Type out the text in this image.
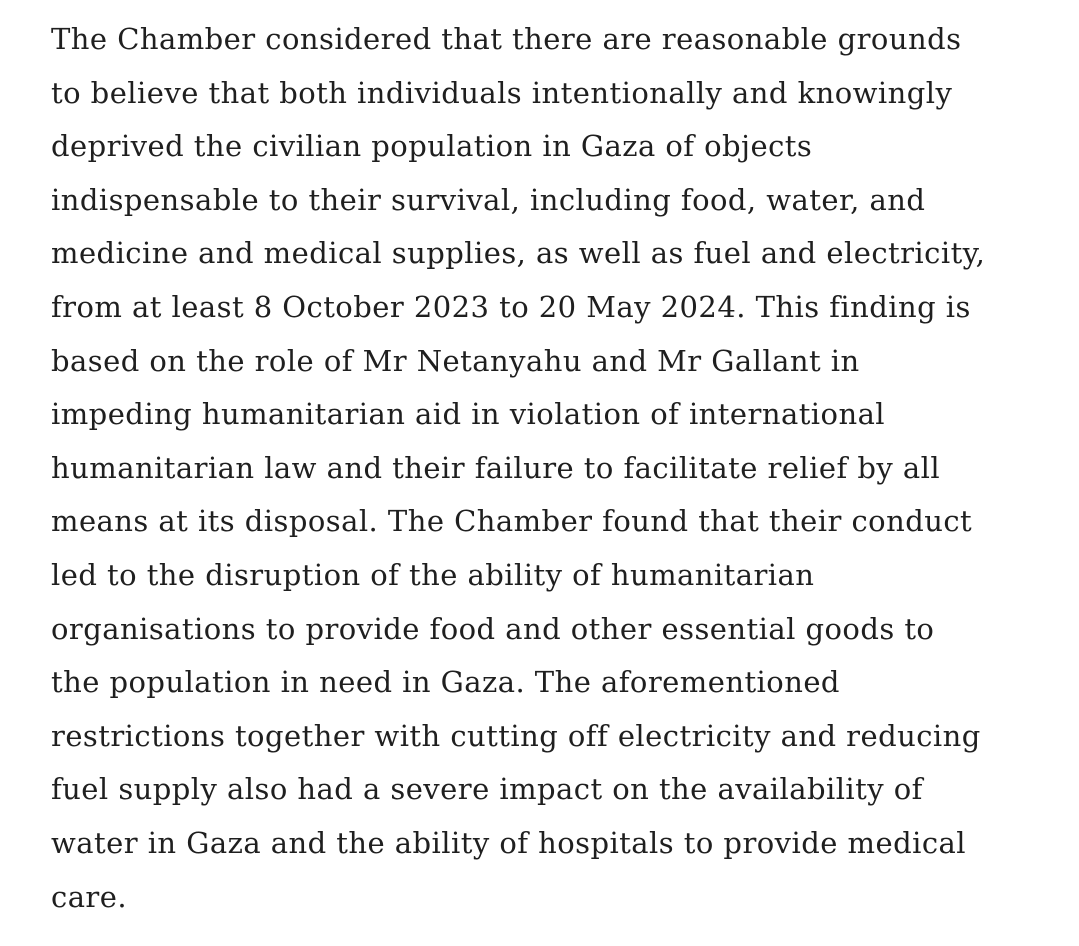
The Chamber considered that there are reasonable grounds
to believe that both individuals intentionally and knowingly
deprived the civilian population in Gaza of objects
indispensable to their survival, including food, water, and
medicine and medical supplies, as well as fuel and electricity,
from at least 8 October 2023 to 20 May 2024. This finding is
based on the role of Mr Netanyahu and Mr Gallant in
impeding humanitarian aid in violation of international
humanitarian law and their failure to facilitate relief by all
means at its disposal. The Chamber found that their conduct
led to the disruption of the ability of humanitarian
organisations to provide food and other essential goods to
the population in need in Gaza. The aforementioned
restrictions together with cutting off electricity and reducing
fuel supply also had a severe impact on the availability of
water in Gaza and the ability of hospitals to provide medical
care.
